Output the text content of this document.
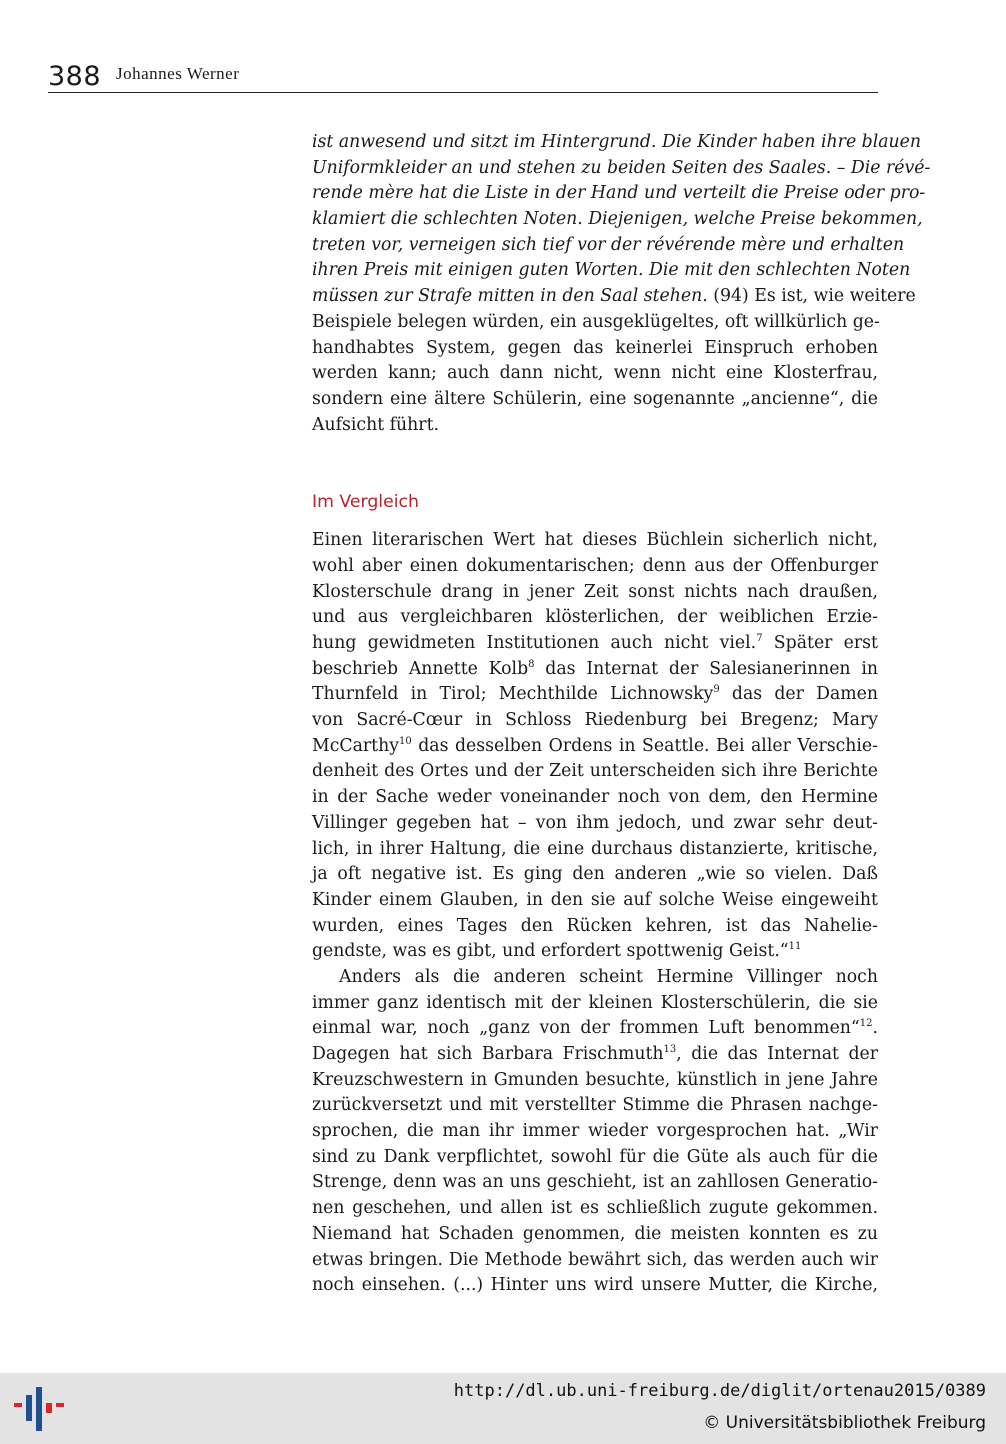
388 Johannes Werner
ist anwesend und sitzt im Hintergrund. Die Kinder haben ihre blauen
Uniformkleider an und stehen zu beiden Seiten des Saales. – Die révé-
rende mère hat die Liste in der Hand und verteilt die Preise oder pro-
klamiert die schlechten Noten. Diejenigen, welche Preise bekommen,
treten vor, verneigen sich tief vor der révérende mère und erhalten
ihren Preis mit einigen guten Worten. Die mit den schlechten Noten
müssen zur Strafe mitten in den Saal stehen. (94) Es ist, wie weitere
Beispiele belegen würden, ein ausgeklügeltes, oft willkürlich ge-
handhabtes System, gegen das keinerlei Einspruch erhoben
werden kann; auch dann nicht, wenn nicht eine Klosterfrau,
sondern eine ältere Schülerin, eine sogenannte „ancienne“, die
Aufsicht führt.
Im Vergleich
Einen literarischen Wert hat dieses Büchlein sicherlich nicht,
wohl aber einen dokumentarischen; denn aus der Offenburger
Klosterschule drang in jener Zeit sonst nichts nach draußen,
und aus vergleichbaren klösterlichen, der weiblichen Erzie-
hung gewidmeten Institutionen auch nicht viel.$^7$ Später erst
beschrieb Annette Kolb$^8$ das Internat der Salesianerinnen in
Thurnfeld in Tirol; Mechthilde Lichnowsky$^9$ das der Damen
von Sacré-Cœur in Schloss Riedenburg bei Bregenz; Mary
McCarthy$^{10}$ das desselben Ordens in Seattle. Bei aller Verschie-
denheit des Ortes und der Zeit unterscheiden sich ihre Berichte
in der Sache weder voneinander noch von dem, den Hermine
Villinger gegeben hat – von ihm jedoch, und zwar sehr deut-
lich, in ihrer Haltung, die eine durchaus distanzierte, kritische,
ja oft negative ist. Es ging den anderen „wie so vielen. Daß
Kinder einem Glauben, in den sie auf solche Weise eingeweiht
wurden, eines Tages den Rücken kehren, ist das Nahelie-
gendste, was es gibt, und erfordert spottwenig Geist.“$^{11}$
Anders als die anderen scheint Hermine Villinger noch
immer ganz identisch mit der kleinen Klosterschülerin, die sie
einmal war, noch „ganz von der frommen Luft benommen“$^{12}$.
Dagegen hat sich Barbara Frischmuth$^{13}$, die das Internat der
Kreuzschwestern in Gmunden besuchte, künstlich in jene Jahre
zurückversetzt und mit verstellter Stimme die Phrasen nachge-
sprochen, die man ihr immer wieder vorgesprochen hat. „Wir
sind zu Dank verpflichtet, sowohl für die Güte als auch für die
Strenge, denn was an uns geschieht, ist an zahllosen Generatio-
nen geschehen, und allen ist es schließlich zugute gekommen.
Niemand hat Schaden genommen, die meisten konnten es zu
etwas bringen. Die Methode bewährt sich, das werden auch wir
noch einsehen. (...) Hinter uns wird unsere Mutter, die Kirche,
http://dl.ub.uni-freiburg.de/diglit/ortenau2015/0389
© Universitätsbibliothek Freiburg
